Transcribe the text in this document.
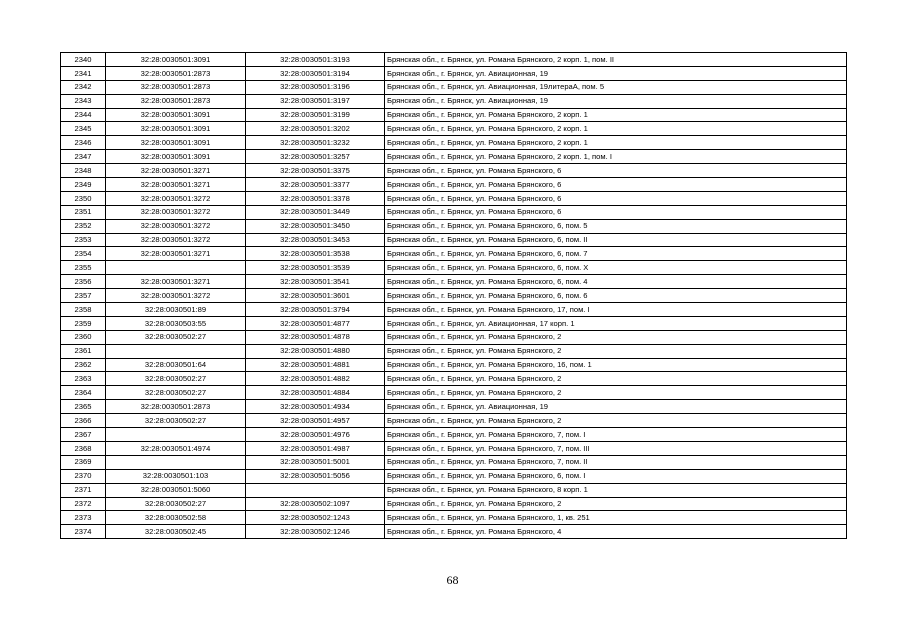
2340	32:28:0030501:3091	32:28:0030501:3193	Брянская обл., г. Брянск, ул. Романа Брянского, 2 корп. 1, пом. II
2341	32:28:0030501:2873	32:28:0030501:3194	Брянская обл., г. Брянск, ул. Авиационная, 19
2342	32:28:0030501:2873	32:28:0030501:3196	Брянская обл., г. Брянск, ул. Авиационная, 19литераА, пом. 5
2343	32:28:0030501:2873	32:28:0030501:3197	Брянская обл., г. Брянск, ул. Авиационная, 19
2344	32:28:0030501:3091	32:28:0030501:3199	Брянская обл., г. Брянск, ул. Романа Брянского, 2 корп. 1
2345	32:28:0030501:3091	32:28:0030501:3202	Брянская обл., г. Брянск, ул. Романа Брянского, 2 корп. 1
2346	32:28:0030501:3091	32:28:0030501:3232	Брянская обл., г. Брянск, ул. Романа Брянского, 2 корп. 1
2347	32:28:0030501:3091	32:28:0030501:3257	Брянская обл., г. Брянск, ул. Романа Брянского, 2 корп. 1, пом. I
2348	32:28:0030501:3271	32:28:0030501:3375	Брянская обл., г. Брянск, ул. Романа Брянского, 6
2349	32:28:0030501:3271	32:28:0030501:3377	Брянская обл., г. Брянск, ул. Романа Брянского, 6
2350	32:28:0030501:3272	32:28:0030501:3378	Брянская обл., г. Брянск, ул. Романа Брянского, 6
2351	32:28:0030501:3272	32:28:0030501:3449	Брянская обл., г. Брянск, ул. Романа Брянского, 6
2352	32:28:0030501:3272	32:28:0030501:3450	Брянская обл., г. Брянск, ул. Романа Брянского, 6, пом. 5
2353	32:28:0030501:3272	32:28:0030501:3453	Брянская обл., г. Брянск, ул. Романа Брянского, 6, пом. II
2354	32:28:0030501:3271	32:28:0030501:3538	Брянская обл., г. Брянск, ул. Романа Брянского, 6, пом. 7
2355		32:28:0030501:3539	Брянская обл., г. Брянск, ул. Романа Брянского, 6, пом. X
2356	32:28:0030501:3271	32:28:0030501:3541	Брянская обл., г. Брянск, ул. Романа Брянского, 6, пом. 4
2357	32:28:0030501:3272	32:28:0030501:3601	Брянская обл., г. Брянск, ул. Романа Брянского, 6, пом. 6
2358	32:28:0030501:89	32:28:0030501:3794	Брянская обл., г. Брянск, ул. Романа Брянского, 17, пом. I
2359	32:28:0030503:55	32:28:0030501:4877	Брянская обл., г. Брянск, ул. Авиационная, 17 корп. 1
2360	32:28:0030502:27	32:28:0030501:4878	Брянская обл., г. Брянск, ул. Романа Брянского, 2
2361		32:28:0030501:4880	Брянская обл., г. Брянск, ул. Романа Брянского, 2
2362	32:28:0030501:64	32:28:0030501:4881	Брянская обл., г. Брянск, ул. Романа Брянского, 16, пом. 1
2363	32:28:0030502:27	32:28:0030501:4882	Брянская обл., г. Брянск, ул. Романа Брянского, 2
2364	32:28:0030502:27	32:28:0030501:4884	Брянская обл., г. Брянск, ул. Романа Брянского, 2
2365	32:28:0030501:2873	32:28:0030501:4934	Брянская обл., г. Брянск, ул. Авиационная, 19
2366	32:28:0030502:27	32:28:0030501:4957	Брянская обл., г. Брянск, ул. Романа Брянского, 2
2367		32:28:0030501:4976	Брянская обл., г. Брянск, ул. Романа Брянского, 7, пом. I
2368	32:28:0030501:4974	32:28:0030501:4987	Брянская обл., г. Брянск, ул. Романа Брянского, 7, пом. III
2369		32:28:0030501:5001	Брянская обл., г. Брянск, ул. Романа Брянского, 7, пом. II
2370	32:28:0030501:103	32:28:0030501:5056	Брянская обл., г. Брянск, ул. Романа Брянского, 6, пом. I
2371	32:28:0030501:5060		Брянская обл., г. Брянск, ул. Романа Брянского, 8 корп. 1
2372	32:28:0030502:27	32:28:0030502:1097	Брянская обл., г. Брянск, ул. Романа Брянского, 2
2373	32:28:0030502:58	32:28:0030502:1243	Брянская обл., г. Брянск, ул. Романа Брянского, 1, кв. 251
2374	32:28:0030502:45	32:28:0030502:1246	Брянская обл., г. Брянск, ул. Романа Брянского, 4
68
